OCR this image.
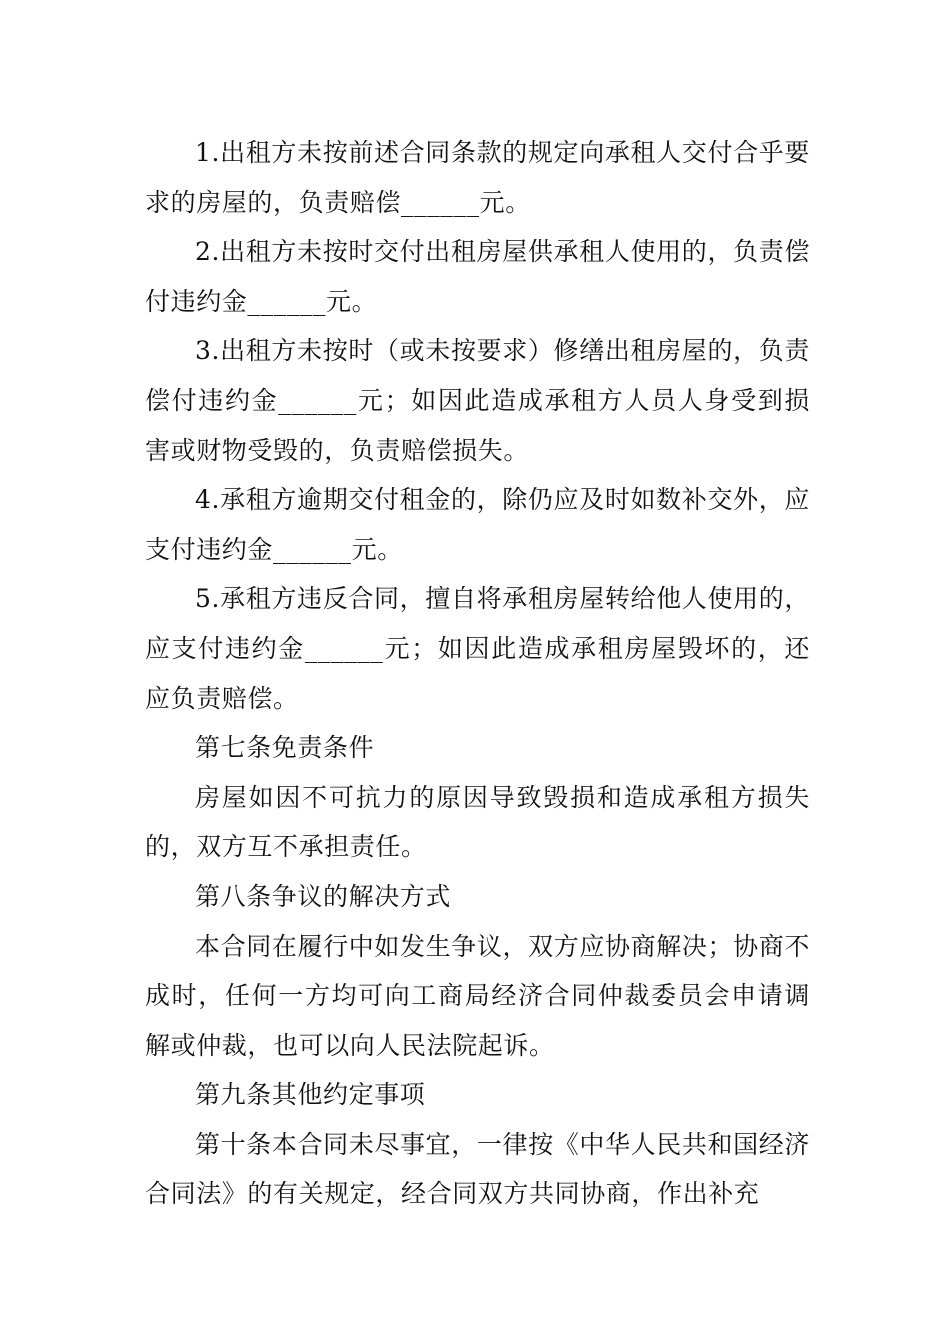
1.出租方未按前述合同条款的规定向承租人交付合乎要求的房屋的，负责赔偿______元。

2.出租方未按时交付出租房屋供承租人使用的，负责偿付违约金______元。

3.出租方未按时（或未按要求）修缮出租房屋的，负责偿付违约金______元；如因此造成承租方人员人身受到损害或财物受毁的，负责赔偿损失。

4.承租方逾期交付租金的，除仍应及时如数补交外，应支付违约金______元。

5.承租方违反合同，擅自将承租房屋转给他人使用的，应支付违约金______元；如因此造成承租房屋毁坏的，还应负责赔偿。

第七条免责条件

房屋如因不可抗力的原因导致毁损和造成承租方损失的，双方互不承担责任。

第八条争议的解决方式

本合同在履行中如发生争议，双方应协商解决；协商不成时，任何一方均可向工商局经济合同仲裁委员会申请调解或仲裁，也可以向人民法院起诉。

第九条其他约定事项

第十条本合同未尽事宜，一律按《中华人民共和国经济合同法》的有关规定，经合同双方共同协商，作出补充
